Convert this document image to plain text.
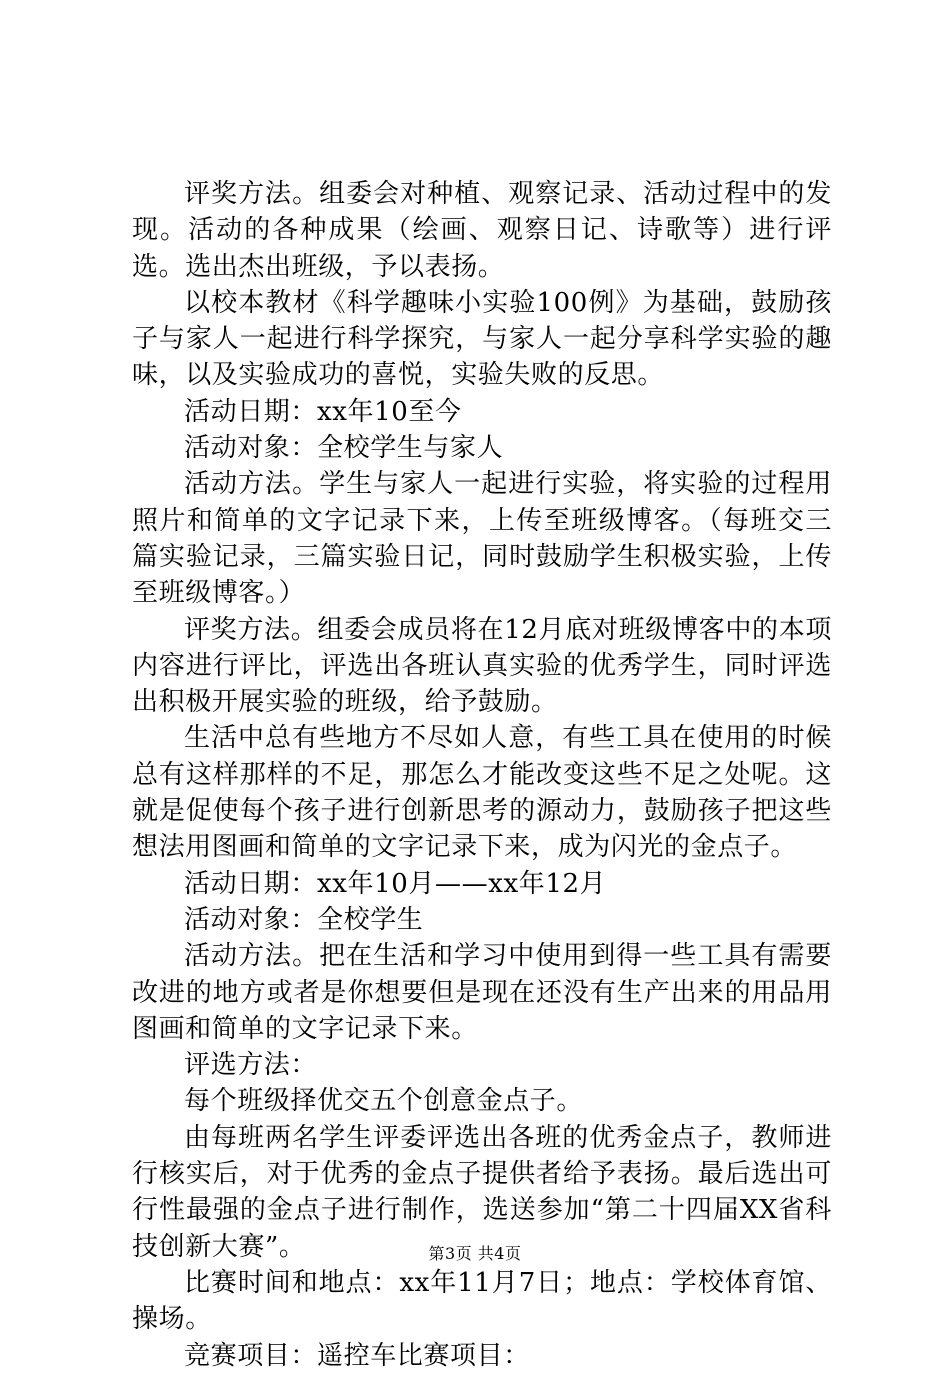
评奖方法。组委会对种植、观察记录、活动过程中的发现。活动的各种成果（绘画、观察日记、诗歌等）进行评选。选出杰出班级，予以表扬。

以校本教材《科学趣味小实验100例》为基础，鼓励孩子与家人一起进行科学探究，与家人一起分享科学实验的趣味，以及实验成功的喜悦，实验失败的反思。

活动日期：xx年10至今

活动对象：全校学生与家人

活动方法。学生与家人一起进行实验，将实验的过程用照片和简单的文字记录下来，上传至班级博客。（每班交三篇实验记录，三篇实验日记，同时鼓励学生积极实验，上传至班级博客。）

评奖方法。组委会成员将在12月底对班级博客中的本项内容进行评比，评选出各班认真实验的优秀学生，同时评选出积极开展实验的班级，给予鼓励。

生活中总有些地方不尽如人意，有些工具在使用的时候总有这样那样的不足，那怎么才能改变这些不足之处呢。这就是促使每个孩子进行创新思考的源动力，鼓励孩子把这些想法用图画和简单的文字记录下来，成为闪光的金点子。

活动日期：xx年10月——xx年12月

活动对象：全校学生

活动方法。把在生活和学习中使用到得一些工具有需要改进的地方或者是你想要但是现在还没有生产出来的用品用图画和简单的文字记录下来。

评选方法：

每个班级择优交五个创意金点子。

由每班两名学生评委评选出各班的优秀金点子，教师进行核实后，对于优秀的金点子提供者给予表扬。最后选出可行性最强的金点子进行制作，选送参加“第二十四届XX省科技创新大赛”。

比赛时间和地点：xx年11月7日；地点：学校体育馆、操场。

竞赛项目：遥控车比赛项目：

第3页 共4页
